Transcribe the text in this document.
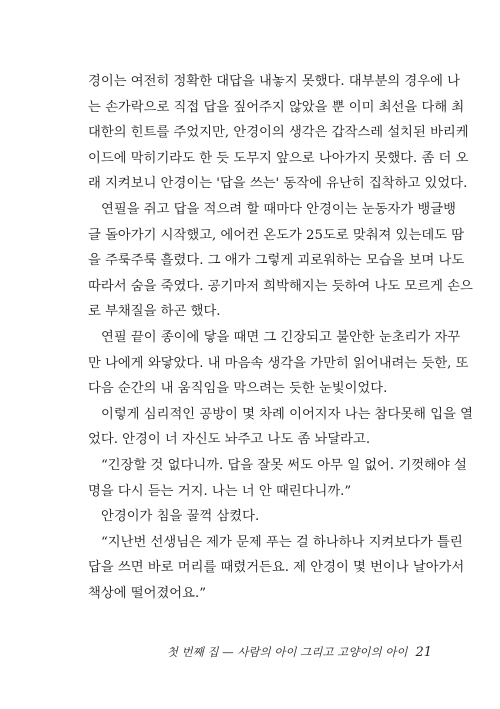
경이는 여전히 정확한 대답을 내놓지 못했다. 대부분의 경우에 나
는 손가락으로 직접 답을 짚어주지 않았을 뿐 이미 최선을 다해 최
대한의 힌트를 주었지만, 안경이의 생각은 갑작스레 설치된 바리케
이드에 막히기라도 한 듯 도무지 앞으로 나아가지 못했다. 좀 더 오
래 지켜보니 안경이는 '답을 쓰는' 동작에 유난히 집착하고 있었다.
연필을 쥐고 답을 적으려 할 때마다 안경이는 눈동자가 뱅글뱅
글 돌아가기 시작했고, 에어컨 온도가 25도로 맞춰져 있는데도 땀
을 주룩주룩 흘렸다. 그 애가 그렇게 괴로워하는 모습을 보며 나도
따라서 숨을 죽였다. 공기마저 희박해지는 듯하여 나도 모르게 손으
로 부채질을 하곤 했다.
연필 끝이 종이에 닿을 때면 그 긴장되고 불안한 눈초리가 자꾸
만 나에게 와닿았다. 내 마음속 생각을 가만히 읽어내려는 듯한, 또
다음 순간의 내 움직임을 막으려는 듯한 눈빛이었다.
이렇게 심리적인 공방이 몇 차례 이어지자 나는 참다못해 입을 열
었다. 안경이 너 자신도 놔주고 나도 좀 놔달라고.
“긴장할 것 없다니까. 답을 잘못 써도 아무 일 없어. 기껏해야 설
명을 다시 듣는 거지. 나는 너 안 때린다니까.”
안경이가 침을 꿀꺽 삼켰다.
“지난번 선생님은 제가 문제 푸는 걸 하나하나 지켜보다가 틀린
답을 쓰면 바로 머리를 때렸거든요. 제 안경이 몇 번이나 날아가서
책상에 떨어졌어요.”
첫 번째 집 — 사람의 아이 그리고 고양이의 아이 21
